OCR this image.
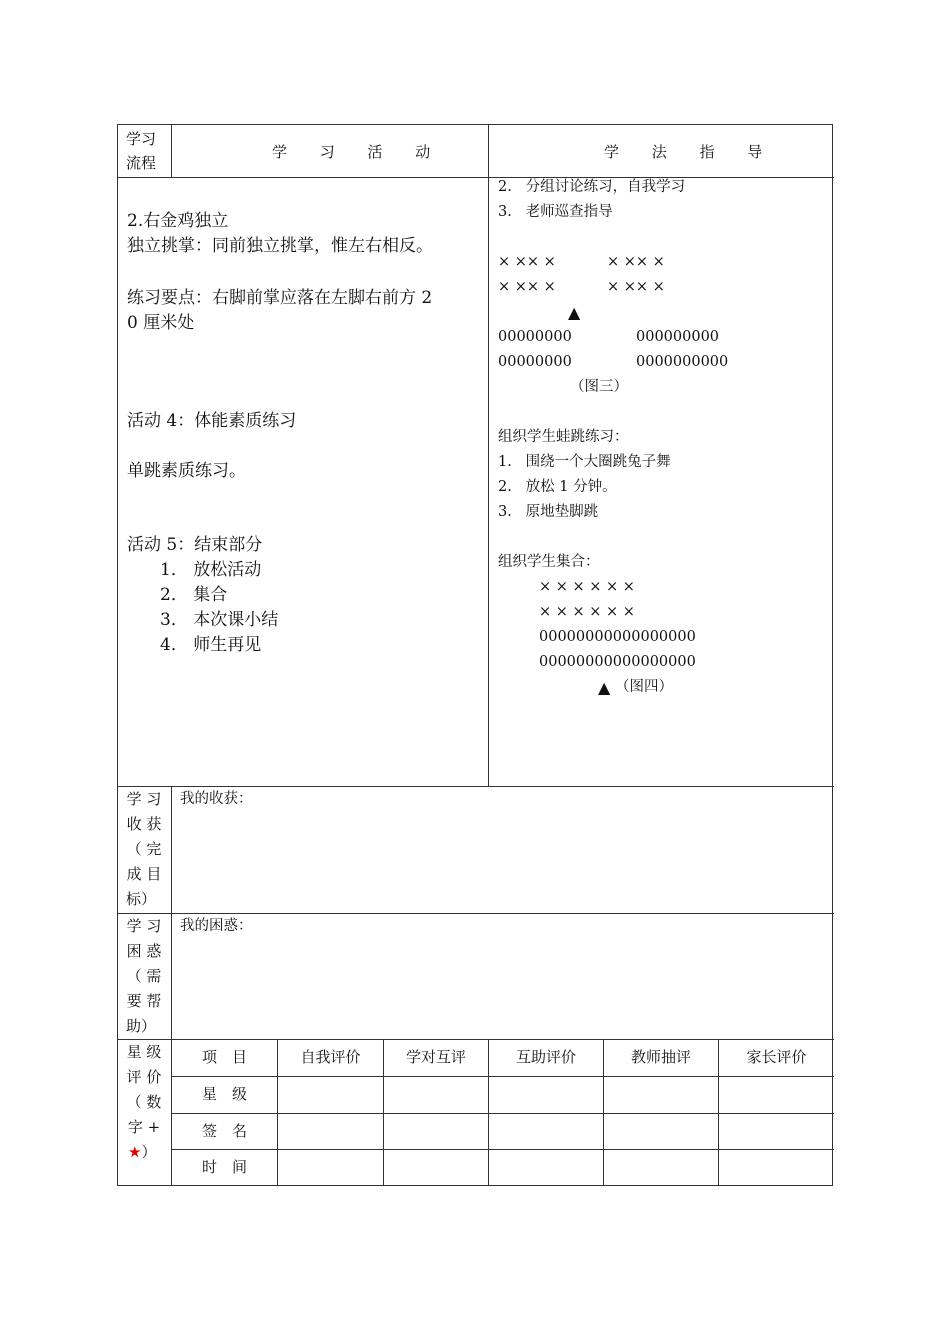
学习
流程
学 习 活 动	学 法 指 导
2.右金鸡独立
独立挑掌：同前独立挑掌，惟左右相反。
练习要点：右脚前掌应落在左脚右前方 2
0 厘米处
活动 4：体能素质练习
单跳素质练习。
活动 5：结束部分
1． 放松活动
2． 集合
3． 本次课小结
4． 师生再见
2.   分组讨论练习，自我学习
3.   老师巡查指导
× ×× ×	× ×× ×
× ×× ×	× ×× ×
▲
00000000	000000000
00000000	0000000000
（图三）
组织学生蛙跳练习：
1.   围绕一个大圈跳兔子舞
2.   放松 1 分钟。
3.   原地垫脚跳
组织学生集合：
× × × × × ×
× × × × × ×
00000000000000000
00000000000000000
▲ （图四）
学 习
收 获
（ 完
成 目
标）
我的收获：
学 习
困 惑
（ 需
要 帮
助）
我的困惑：
星 级
评 价
（ 数
字 +
★）
项　目	自我评价	学对互评	互助评价	教师抽评	家长评价
星　级
签　名
时　间
